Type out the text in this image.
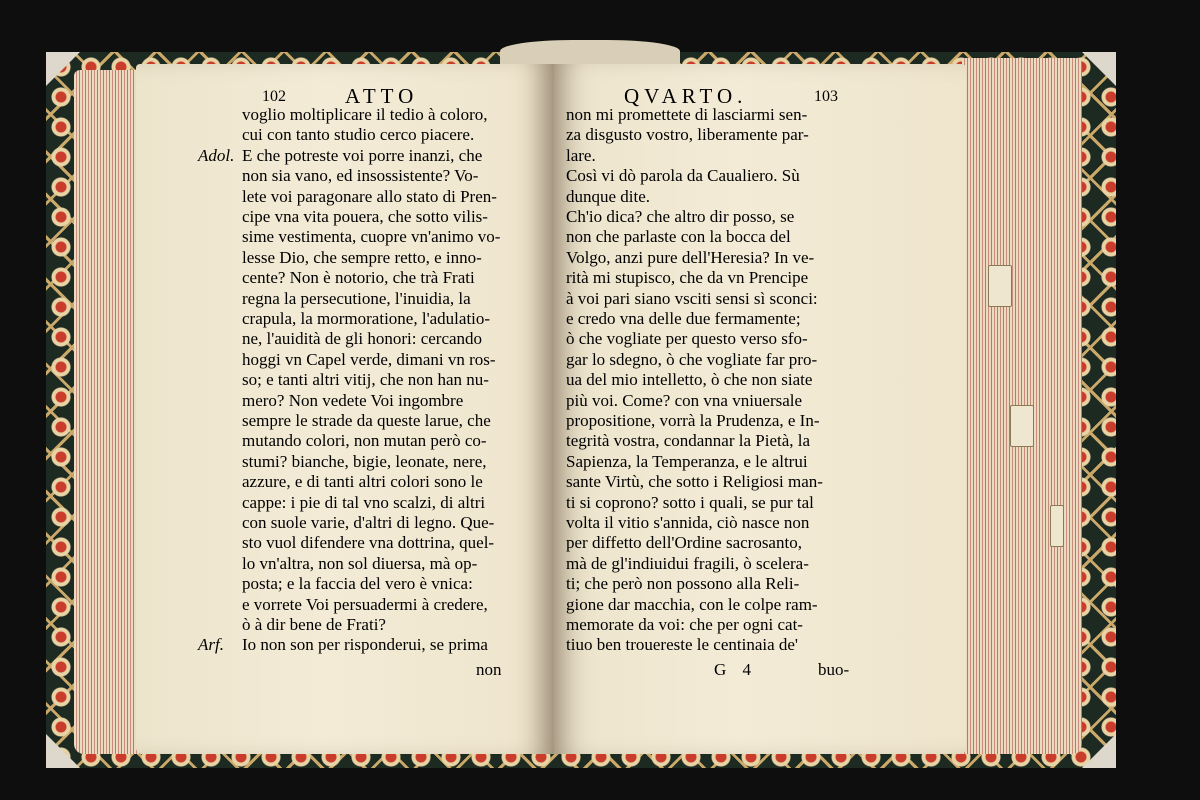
102	ATTO	QVARTO.	103
voglio moltiplicare il tedio à coloro,
cui con tanto studio cerco piacere.
E che potreste voi porre inanzi, che
non sia vano, ed insossistente? Vo-
lete voi paragonare allo stato di Pren-
cipe vna vita pouera, che sotto vilis-
sime vestimenta, cuopre vn'animo vo-
lesse Dio, che sempre retto, e inno-
cente? Non è notorio, che trà Frati
regna la persecutione, l'inuidia, la
crapula, la mormoratione, l'adulatio-
ne, l'auidità de gli honori: cercando
hoggi vn Capel verde, dimani vn ros-
so; e tanti altri vitij, che non han nu-
mero? Non vedete Voi ingombre
sempre le strade da queste larue, che
mutando colori, non mutan però co-
stumi? bianche, bigie, leonate, nere,
azzure, e di tanti altri colori sono le
cappe: i pie di tal vno scalzi, di altri
con suole varie, d'altri di legno. Que-
sto vuol difendere vna dottrina, quel-
lo vn'altra, non sol diuersa, mà op-
posta; e la faccia del vero è vnica:
e vorrete Voi persuadermi à credere,
ò à dir bene de Frati?
Io non son per risponderui, se prima
Adol.
Arf.
non mi promettete di lasciarmi sen-
za disgusto vostro, liberamente par-
lare.
Così vi dò parola da Caualiero. Sù
dunque dite.
Ch'io dica? che altro dir posso, se
non che parlaste con la bocca del
Volgo, anzi pure dell'Heresia? In ve-
rità mi stupisco, che da vn Prencipe
à voi pari siano vsciti sensi sì sconci:
e credo vna delle due fermamente;
ò che vogliate per questo verso sfo-
gar lo sdegno, ò che vogliate far pro-
ua del mio intelletto, ò che non siate
più voi. Come? con vna vniuersale
propositione, vorrà la Prudenza, e In-
tegrità vostra, condannar la Pietà, la
Sapienza, la Temperanza, e le altrui
sante Virtù, che sotto i Religiosi man-
ti si coprono? sotto i quali, se pur tal
volta il vitio s'annida, ciò nasce non
per diffetto dell'Ordine sacrosanto,
mà de gl'indiuidui fragili, ò scelera-
ti; che però non possono alla Reli-
gione dar macchia, con le colpe ram-
memorate da voi: che per ogni cat-
tiuo ben trouereste le centinaia de'
non	G 4	buo-
